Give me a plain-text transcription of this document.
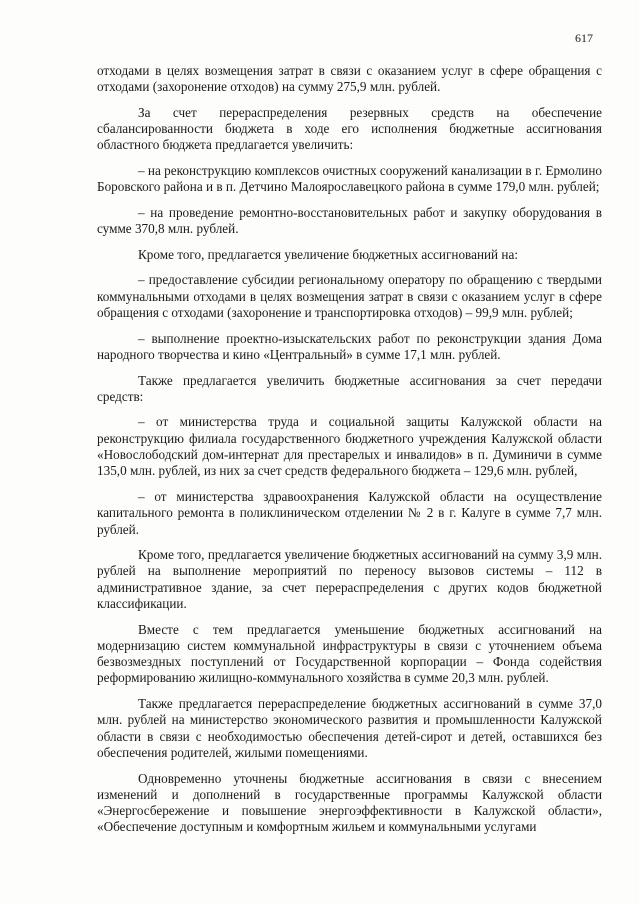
617

отходами в целях возмещения затрат в связи с оказанием услуг в сфере обращения с отходами (захоронение отходов) на сумму 275,9 млн. рублей.

За счет перераспределения резервных средств на обеспечение сбалансированности бюджета в ходе его исполнения бюджетные ассигнования областного бюджета предлагается увеличить:

– на реконструкцию комплексов очистных сооружений канализации в г. Ермолино Боровского района и в п. Детчино Малоярославецкого района в сумме 179,0 млн. рублей;

– на проведение ремонтно-восстановительных работ и закупку оборудования в сумме 370,8 млн. рублей.

Кроме того, предлагается увеличение бюджетных ассигнований на:

– предоставление субсидии региональному оператору по обращению с твердыми коммунальными отходами в целях возмещения затрат в связи с оказанием услуг в сфере обращения с отходами (захоронение и транспортировка отходов) – 99,9 млн. рублей;

– выполнение проектно-изыскательских работ по реконструкции здания Дома народного творчества и кино «Центральный» в сумме 17,1 млн. рублей.

Также предлагается увеличить бюджетные ассигнования за счет передачи средств:

– от министерства труда и социальной защиты Калужской области на реконструкцию филиала государственного бюджетного учреждения Калужской области «Новослободский дом-интернат для престарелых и инвалидов» в п. Думиничи в сумме 135,0 млн. рублей, из них за счет средств федерального бюджета – 129,6 млн. рублей,

– от министерства здравоохранения Калужской области на осуществление капитального ремонта в поликлиническом отделении № 2 в г. Калуге в сумме 7,7 млн. рублей.

Кроме того, предлагается увеличение бюджетных ассигнований на сумму 3,9 млн. рублей на выполнение мероприятий по переносу вызовов системы – 112 в административное здание, за счет перераспределения с других кодов бюджетной классификации.

Вместе с тем предлагается уменьшение бюджетных ассигнований на модернизацию систем коммунальной инфраструктуры в связи с уточнением объема безвозмездных поступлений от Государственной корпорации – Фонда содействия реформированию жилищно-коммунального хозяйства в сумме 20,3 млн. рублей.

Также предлагается перераспределение бюджетных ассигнований в сумме 37,0 млн. рублей на министерство экономического развития и промышленности Калужской области в связи с необходимостью обеспечения детей-сирот и детей, оставшихся без обеспечения родителей, жилыми помещениями.

Одновременно уточнены бюджетные ассигнования в связи с внесением изменений и дополнений в государственные программы Калужской области «Энергосбережение и повышение энергоэффективности в Калужской области», «Обеспечение доступным и комфортным жильем и коммунальными услугами
